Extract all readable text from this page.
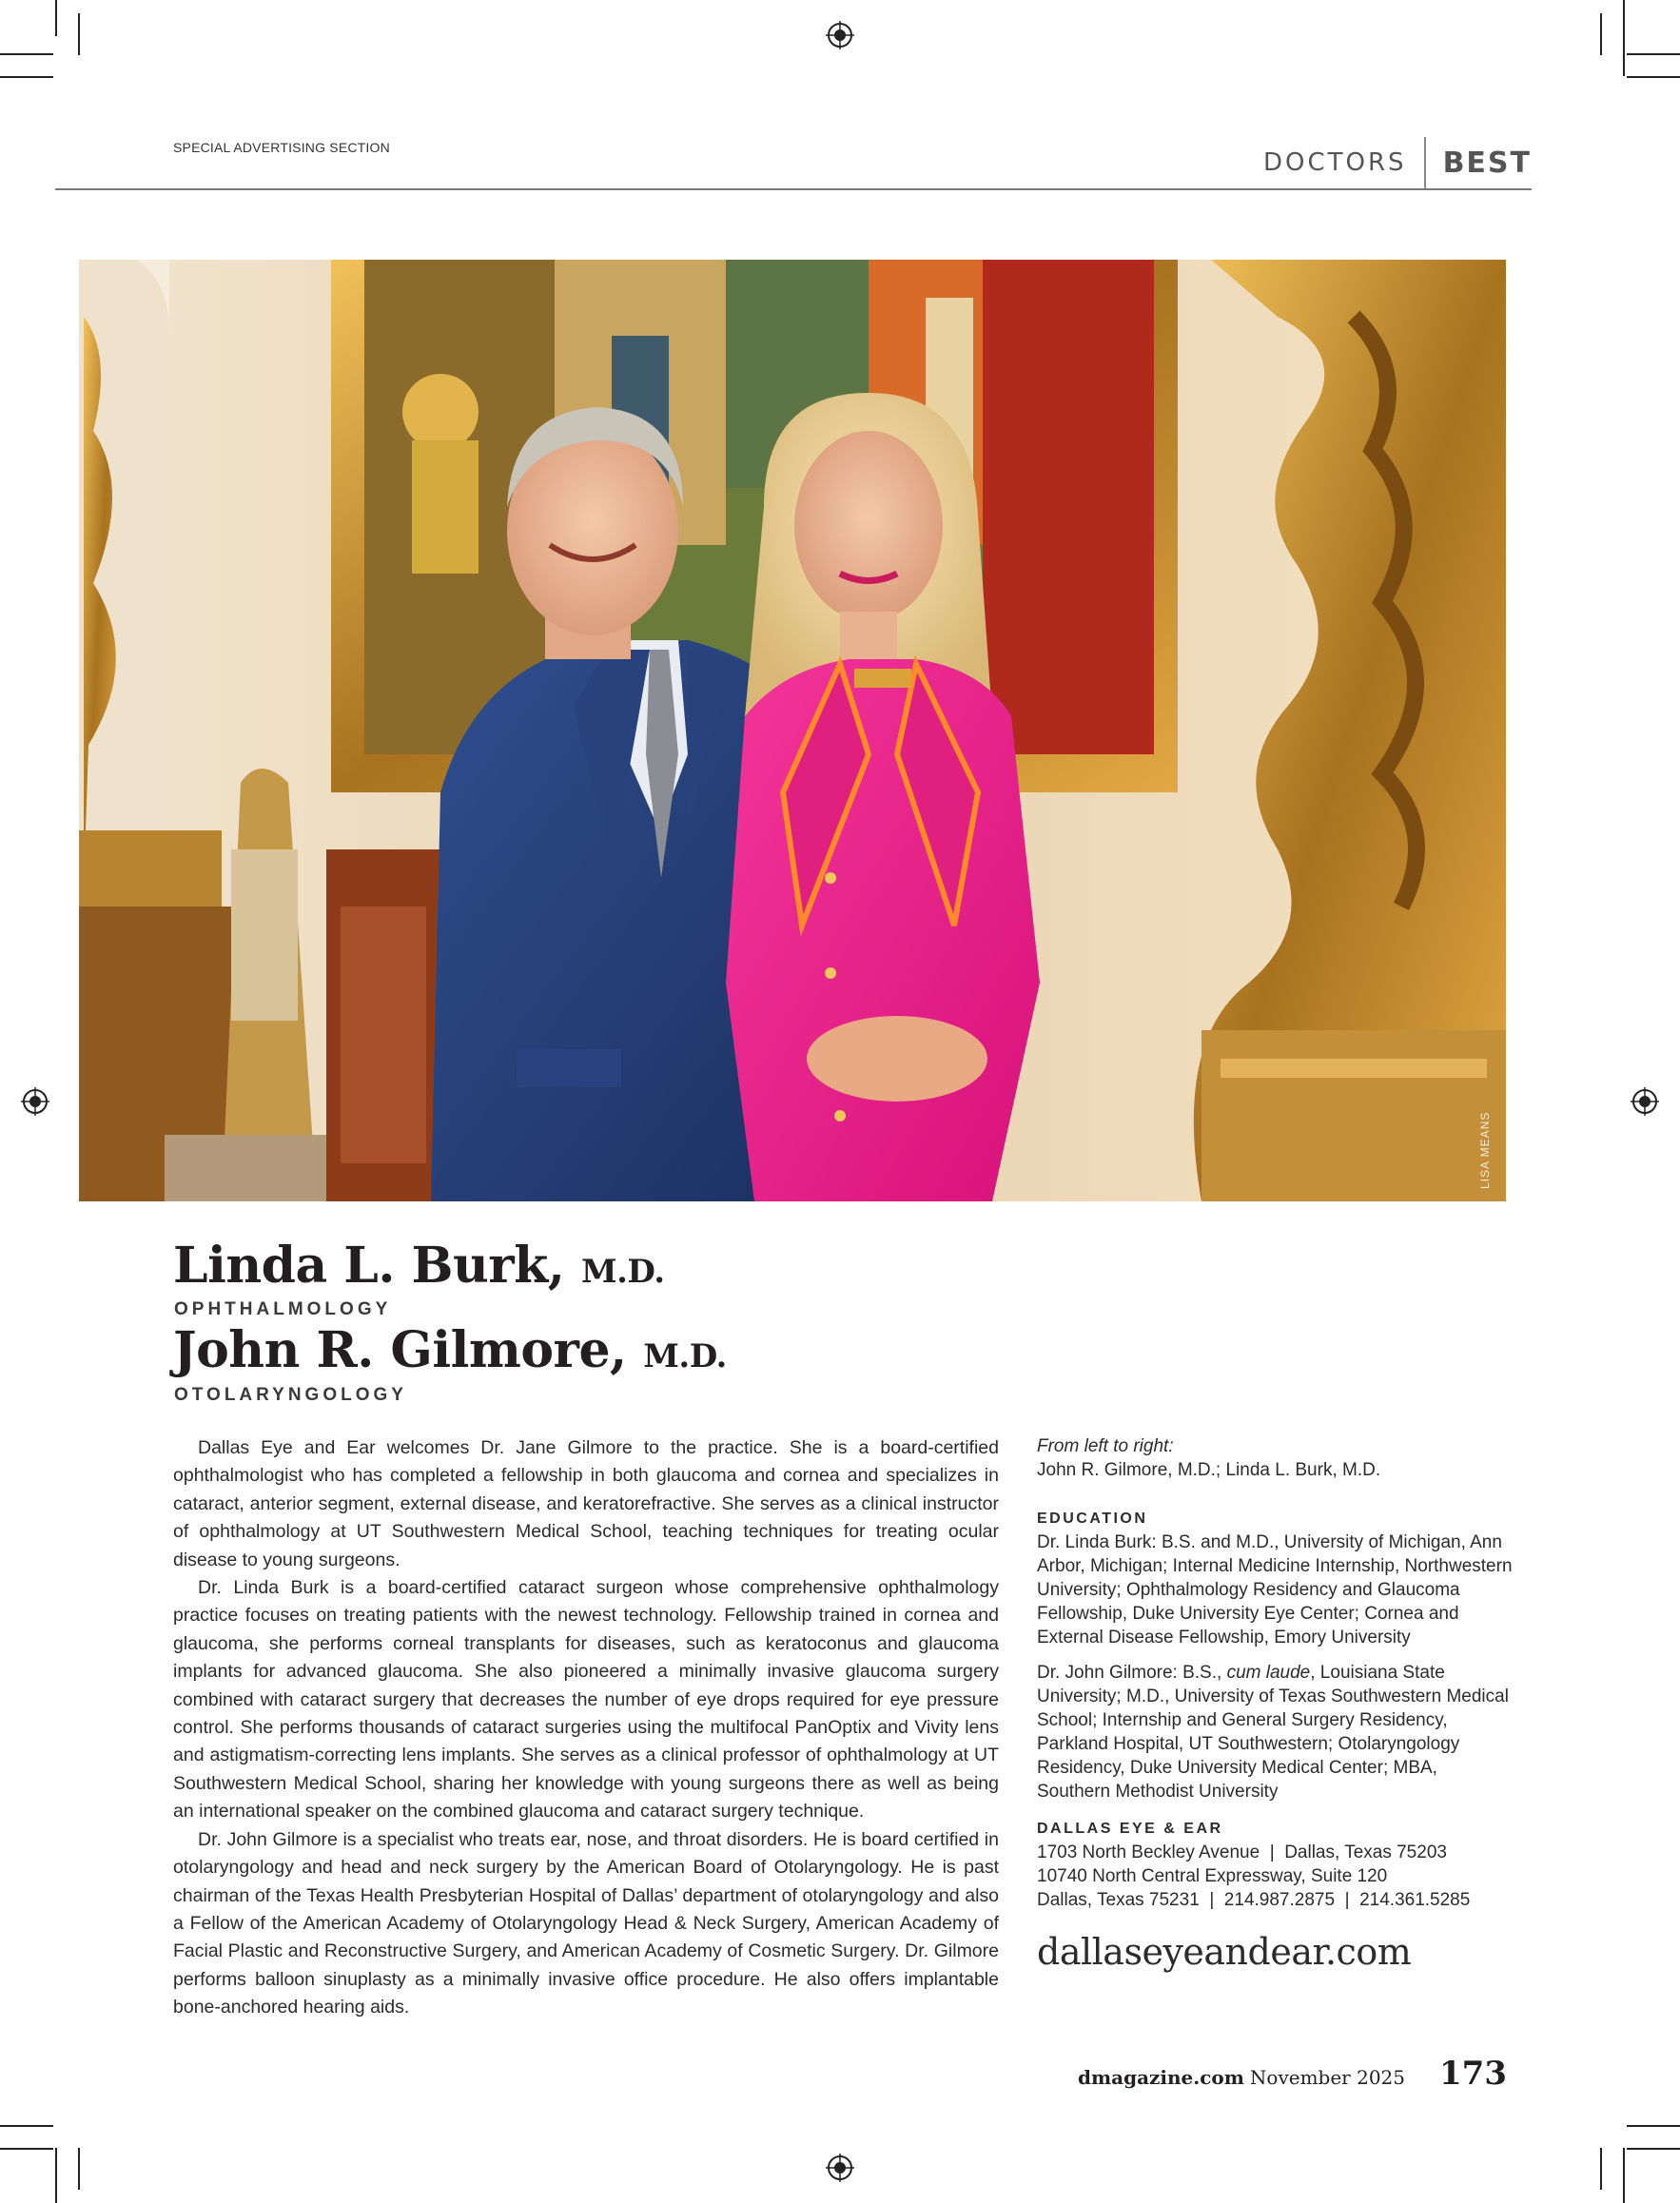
SPECIAL ADVERTISING SECTION
DOCTORS	BEST
LISA MEANS
Linda L. Burk, M.D.
OPHTHALMOLOGY
John R. Gilmore, M.D.
OTOLARYNGOLOGY

Dallas Eye and Ear welcomes Dr. Jane Gilmore to the practice. She is a board-certified ophthalmologist who has completed a fellowship in both glaucoma and cornea and specializes in cataract, anterior segment, external disease, and keratorefractive. She serves as a clinical instructor of ophthalmology at UT Southwestern Medical School, teaching techniques for treating ocular disease to young surgeons.

Dr. Linda Burk is a board-certified cataract surgeon whose comprehensive ophthalmology practice focuses on treating patients with the newest technology. Fellowship trained in cornea and glaucoma, she performs corneal transplants for diseases, such as keratoconus and glaucoma implants for advanced glaucoma. She also pioneered a minimally invasive glaucoma surgery combined with cataract surgery that decreases the number of eye drops required for eye pressure control. She performs thousands of cataract surgeries using the multifocal PanOptix and Vivity lens and astigmatism-correcting lens implants. She serves as a clinical professor of ophthalmology at UT Southwestern Medical School, sharing her knowledge with young surgeons there as well as being an international speaker on the combined glaucoma and cataract surgery technique.

Dr. John Gilmore is a specialist who treats ear, nose, and throat disorders. He is board certified in otolaryngology and head and neck surgery by the American Board of Otolaryngology. He is past chairman of the Texas Health Presbyterian Hospital of Dallas’ department of otolaryngology and also a Fellow of the American Academy of Otolaryngology Head & Neck Surgery, American Academy of Facial Plastic and Reconstructive Surgery, and American Academy of Cosmetic Surgery. Dr. Gilmore performs balloon sinuplasty as a minimally invasive office procedure. He also offers implantable bone-anchored hearing aids.

From left to right:

John R. Gilmore, M.D.; Linda L. Burk, M.D.

EDUCATION

Dr. Linda Burk: B.S. and M.D., University of Michigan, Ann Arbor, Michigan; Internal Medicine Internship, Northwestern University; Ophthalmology Residency and Glaucoma Fellowship, Duke University Eye Center; Cornea and External Disease Fellowship, Emory University

Dr. John Gilmore: B.S., cum laude, Louisiana State University; M.D., University of Texas Southwestern Medical School; Internship and General Surgery Residency, Parkland Hospital, UT Southwestern; Otolaryngology Residency, Duke University Medical Center; MBA, Southern Methodist University

DALLAS EYE & EAR

1703 North Beckley Avenue  |  Dallas, Texas 75203

10740 North Central Expressway, Suite 120

Dallas, Texas 75231  |  214.987.2875  |  214.361.5285

dallaseyeandear.com
dmagazine.com November 2025 173
